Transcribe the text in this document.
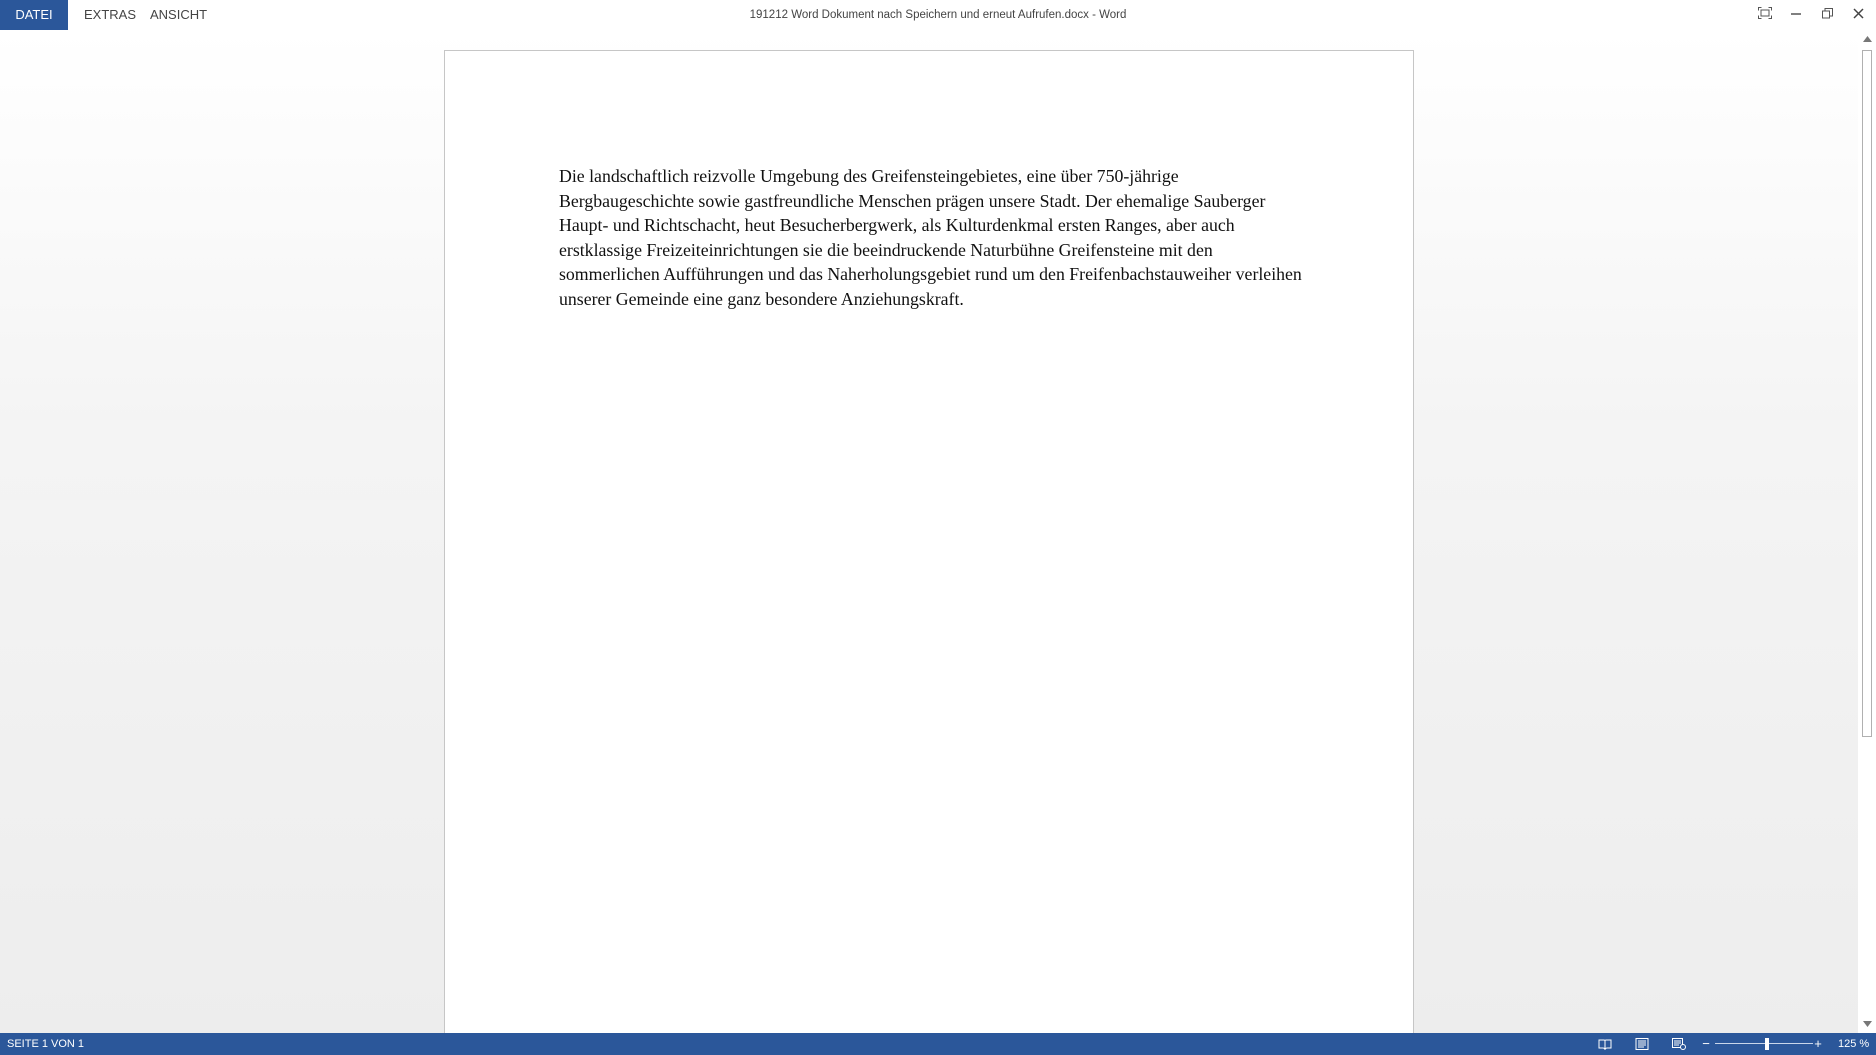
DATEI	EXTRAS	ANSICHT	191212 Word Dokument nach Speichern und erneut Aufrufen.docx - Word

Die landschaftlich reizvolle Umgebung des Greifensteingebietes, eine über 750-jährige Bergbaugeschichte sowie gastfreundliche Menschen prägen unsere Stadt. Der ehemalige Sauberger Haupt- und Richtschacht, heut Besucherbergwerk, als Kulturdenkmal ersten Ranges, aber auch erstklassige Freizeiteinrichtungen sie die beeindruckende Naturbühne Greifensteine mit den sommerlichen Aufführungen und das Naherholungsgebiet rund um den Freifenbachstauweiher verleihen unserer Gemeinde eine ganz besondere Anziehungskraft.

SEITE 1 VON 1	−	+ 125 %
